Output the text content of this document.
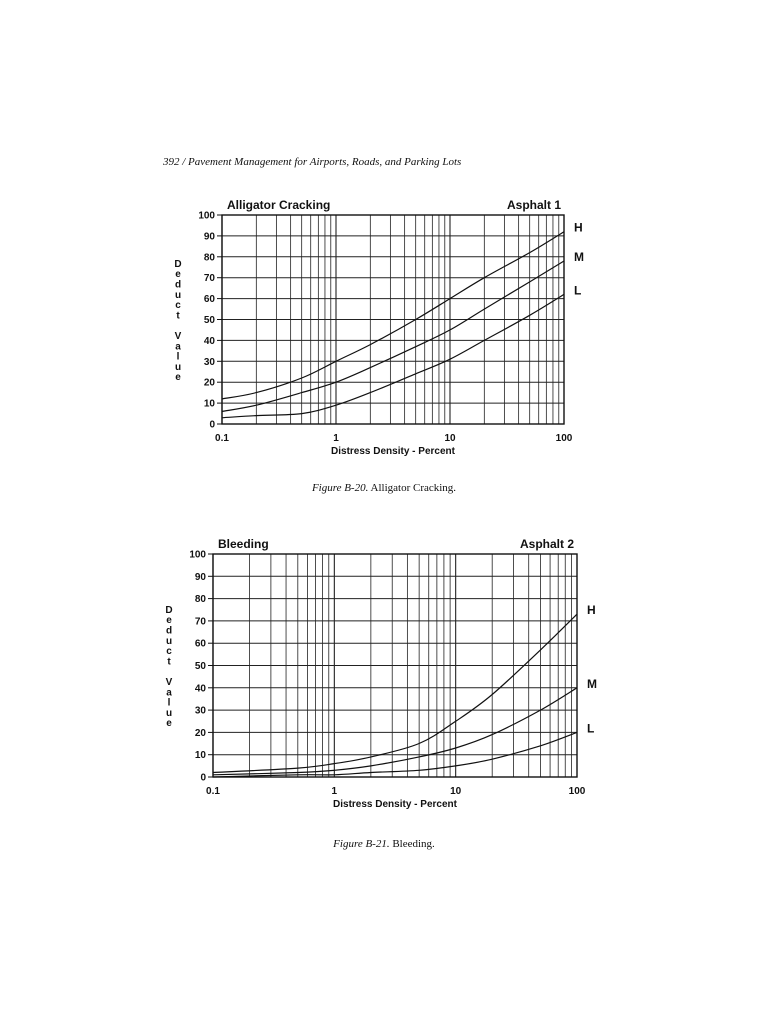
392 / Pavement Management for Airports, Roads, and Parking Lots
0
10
20
30
40
50
60
70
80
90
100
0.1	1	10	100
Distress Density - Percent
D e d u c t V a l u e
Alligator Cracking	Asphalt 1
H
M
L
Figure B-20. Alligator Cracking.
0
10
20
30
40
50
60
70
80
90
100
0.1	1	10	100
Distress Density - Percent
D e d u c t V a l u e
Bleeding	Asphalt 2
H
M
L
Figure B-21. Bleeding.
